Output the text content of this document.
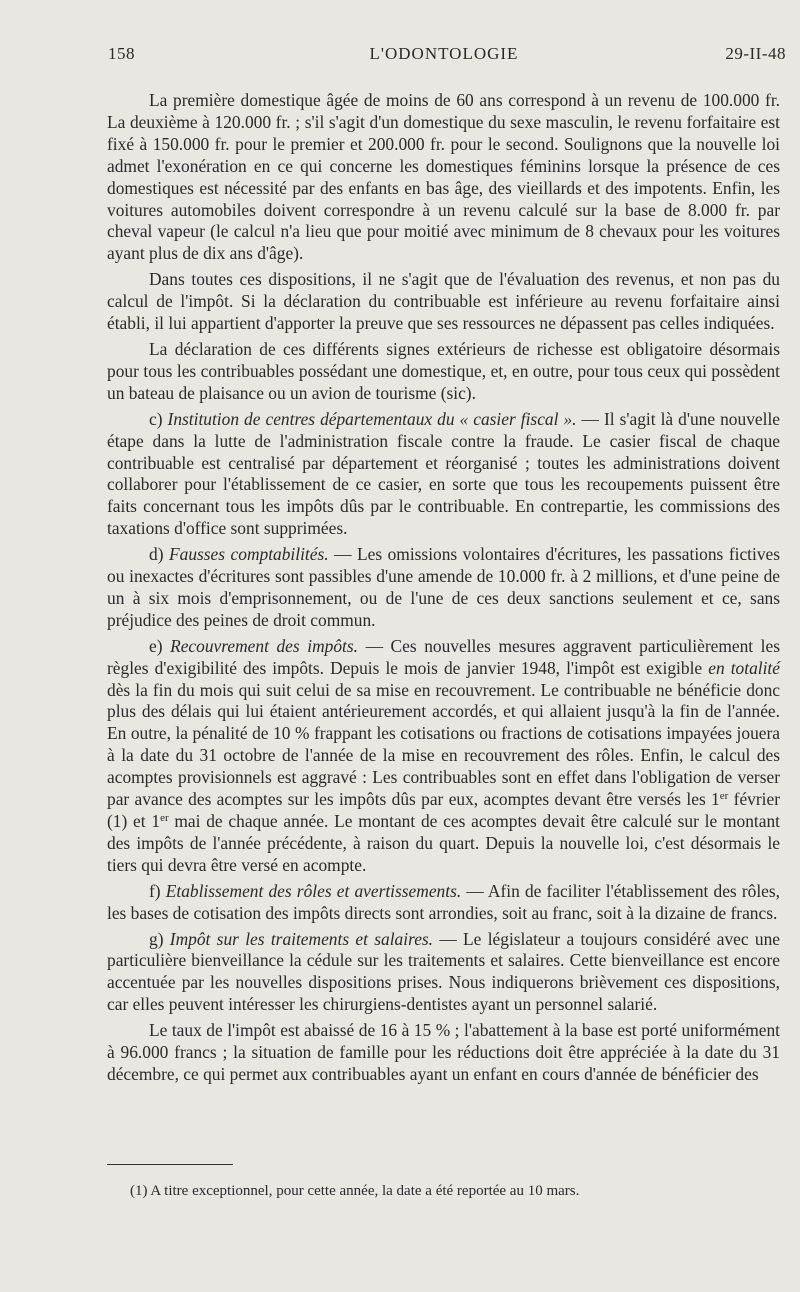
158	L'ODONTOLOGIE	29-II-48

La première domestique âgée de moins de 60 ans correspond à un revenu de 100.000 fr. La deuxième à 120.000 fr. ; s'il s'agit d'un domestique du sexe masculin, le revenu forfaitaire est fixé à 150.000 fr. pour le premier et 200.000 fr. pour le second. Soulignons que la nouvelle loi admet l'exonération en ce qui concerne les domestiques féminins lorsque la présence de ces domestiques est nécessité par des enfants en bas âge, des vieillards et des impotents. Enfin, les voitures automobiles doivent correspondre à un revenu calculé sur la base de 8.000 fr. par cheval vapeur (le calcul n'a lieu que pour moitié avec minimum de 8 chevaux pour les voitures ayant plus de dix ans d'âge).

Dans toutes ces dispositions, il ne s'agit que de l'évaluation des revenus, et non pas du calcul de l'impôt. Si la déclaration du contribuable est inférieure au revenu forfaitaire ainsi établi, il lui appartient d'apporter la preuve que ses ressources ne dépassent pas celles indiquées.

La déclaration de ces différents signes extérieurs de richesse est obligatoire désormais pour tous les contribuables possédant une domestique, et, en outre, pour tous ceux qui possèdent un bateau de plaisance ou un avion de tourisme (sic).

c) Institution de centres départementaux du « casier fiscal ». — Il s'agit là d'une nouvelle étape dans la lutte de l'administration fiscale contre la fraude. Le casier fiscal de chaque contribuable est centralisé par département et réorganisé ; toutes les administrations doivent collaborer pour l'établissement de ce casier, en sorte que tous les recoupements puissent être faits concernant tous les impôts dûs par le contribuable. En contrepartie, les commissions des taxations d'office sont supprimées.

d) Fausses comptabilités. — Les omissions volontaires d'écritures, les passations fictives ou inexactes d'écritures sont passibles d'une amende de 10.000 fr. à 2 millions, et d'une peine de un à six mois d'emprisonnement, ou de l'une de ces deux sanctions seulement et ce, sans préjudice des peines de droit commun.

e) Recouvrement des impôts. — Ces nouvelles mesures aggravent particulièrement les règles d'exigibilité des impôts. Depuis le mois de janvier 1948, l'impôt est exigible en totalité dès la fin du mois qui suit celui de sa mise en recouvrement. Le contribuable ne bénéficie donc plus des délais qui lui étaient antérieurement accordés, et qui allaient jusqu'à la fin de l'année. En outre, la pénalité de 10 % frappant les cotisations ou fractions de cotisations impayées jouera à la date du 31 octobre de l'année de la mise en recouvrement des rôles. Enfin, le calcul des acomptes provisionnels est aggravé : Les contribuables sont en effet dans l'obligation de verser par avance des acomptes sur les impôts dûs par eux, acomptes devant être versés les 1er février (1) et 1er mai de chaque année. Le montant de ces acomptes devait être calculé sur le montant des impôts de l'année précédente, à raison du quart. Depuis la nouvelle loi, c'est désormais le tiers qui devra être versé en acompte.

f) Etablissement des rôles et avertissements. — Afin de faciliter l'établissement des rôles, les bases de cotisation des impôts directs sont arrondies, soit au franc, soit à la dizaine de francs.

g) Impôt sur les traitements et salaires. — Le législateur a toujours considéré avec une particulière bienveillance la cédule sur les traitements et salaires. Cette bienveillance est encore accentuée par les nouvelles dispositions prises. Nous indiquerons brièvement ces dispositions, car elles peuvent intéresser les chirurgiens-dentistes ayant un personnel salarié.

Le taux de l'impôt est abaissé de 16 à 15 % ; l'abattement à la base est porté uniformément à 96.000 francs ; la situation de famille pour les réductions doit être appréciée à la date du 31 décembre, ce qui permet aux contribuables ayant un enfant en cours d'année de bénéficier des

(1) A titre exceptionnel, pour cette année, la date a été reportée au 10 mars.
